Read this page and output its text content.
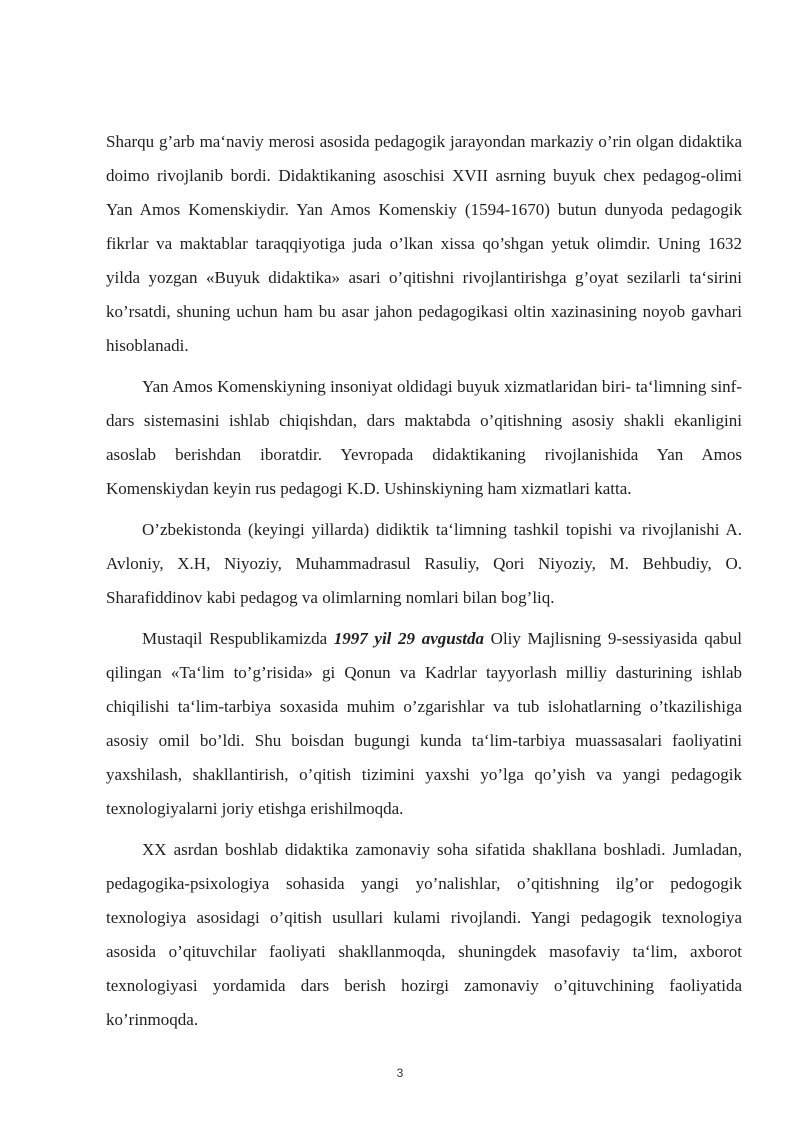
Sharqu g’arb ma‘naviy merosi asosida pedagogik jarayondan markaziy o’rin olgan didaktika doimo rivojlanib bordi. Didaktikaning asoschisi XVII asrning buyuk chex pedagog-olimi Yan Amos Komenskiydir. Yan Amos Komenskiy (1594-1670) butun dunyoda pedagogik fikrlar va maktablar taraqqiyotiga juda o’lkan xissa qo’shgan yetuk olimdir. Uning 1632 yilda yozgan «Buyuk didaktika» asari o’qitishni rivojlantirishga g’oyat sezilarli ta‘sirini ko’rsatdi, shuning uchun ham bu asar jahon pedagogikasi oltin xazinasining noyob gavhari hisoblanadi.

Yan Amos Komenskiyning insoniyat oldidagi buyuk xizmatlaridan biri- ta‘limning sinf-dars sistemasini ishlab chiqishdan, dars maktabda o’qitishning asosiy shakli ekanligini asoslab berishdan iboratdir. Yevropada didaktikaning rivojlanishida Yan Amos Komenskiydan keyin rus pedagogi K.D. Ushinskiyning ham xizmatlari katta.

O’zbekistonda (keyingi yillarda) didiktik ta‘limning tashkil topishi va rivojlanishi A. Avloniy, X.H, Niyoziy, Muhammadrasul Rasuliy, Qori Niyoziy, M. Behbudiy, O. Sharafiddinov kabi pedagog va olimlarning nomlari bilan bog’liq.

Mustaqil Respublikamizda 1997 yil 29 avgustda Oliy Majlisning 9-sessiyasida qabul qilingan «Ta‘lim to’g’risida» gi Qonun va Kadrlar tayyorlash milliy dasturining ishlab chiqilishi ta‘lim-tarbiya soxasida muhim o’zgarishlar va tub islohatlarning o’tkazilishiga asosiy omil bo’ldi. Shu boisdan bugungi kunda ta‘lim-tarbiya muassasalari faoliyatini yaxshilash, shakllantirish, o’qitish tizimini yaxshi yo’lga qo’yish va yangi pedagogik texnologiyalarni joriy etishga erishilmoqda.

XX asrdan boshlab didaktika zamonaviy soha sifatida shakllana boshladi. Jumladan, pedagogika-psixologiya sohasida yangi yo’nalishlar, o’qitishning ilg’or pedogogik texnologiya asosidagi o’qitish usullari kulami rivojlandi. Yangi pedagogik texnologiya asosida o’qituvchilar faoliyati shakllanmoqda, shuningdek masofaviy ta‘lim, axborot texnologiyasi yordamida dars berish hozirgi zamonaviy o’qituvchining faoliyatida ko’rinmoqda.

3
